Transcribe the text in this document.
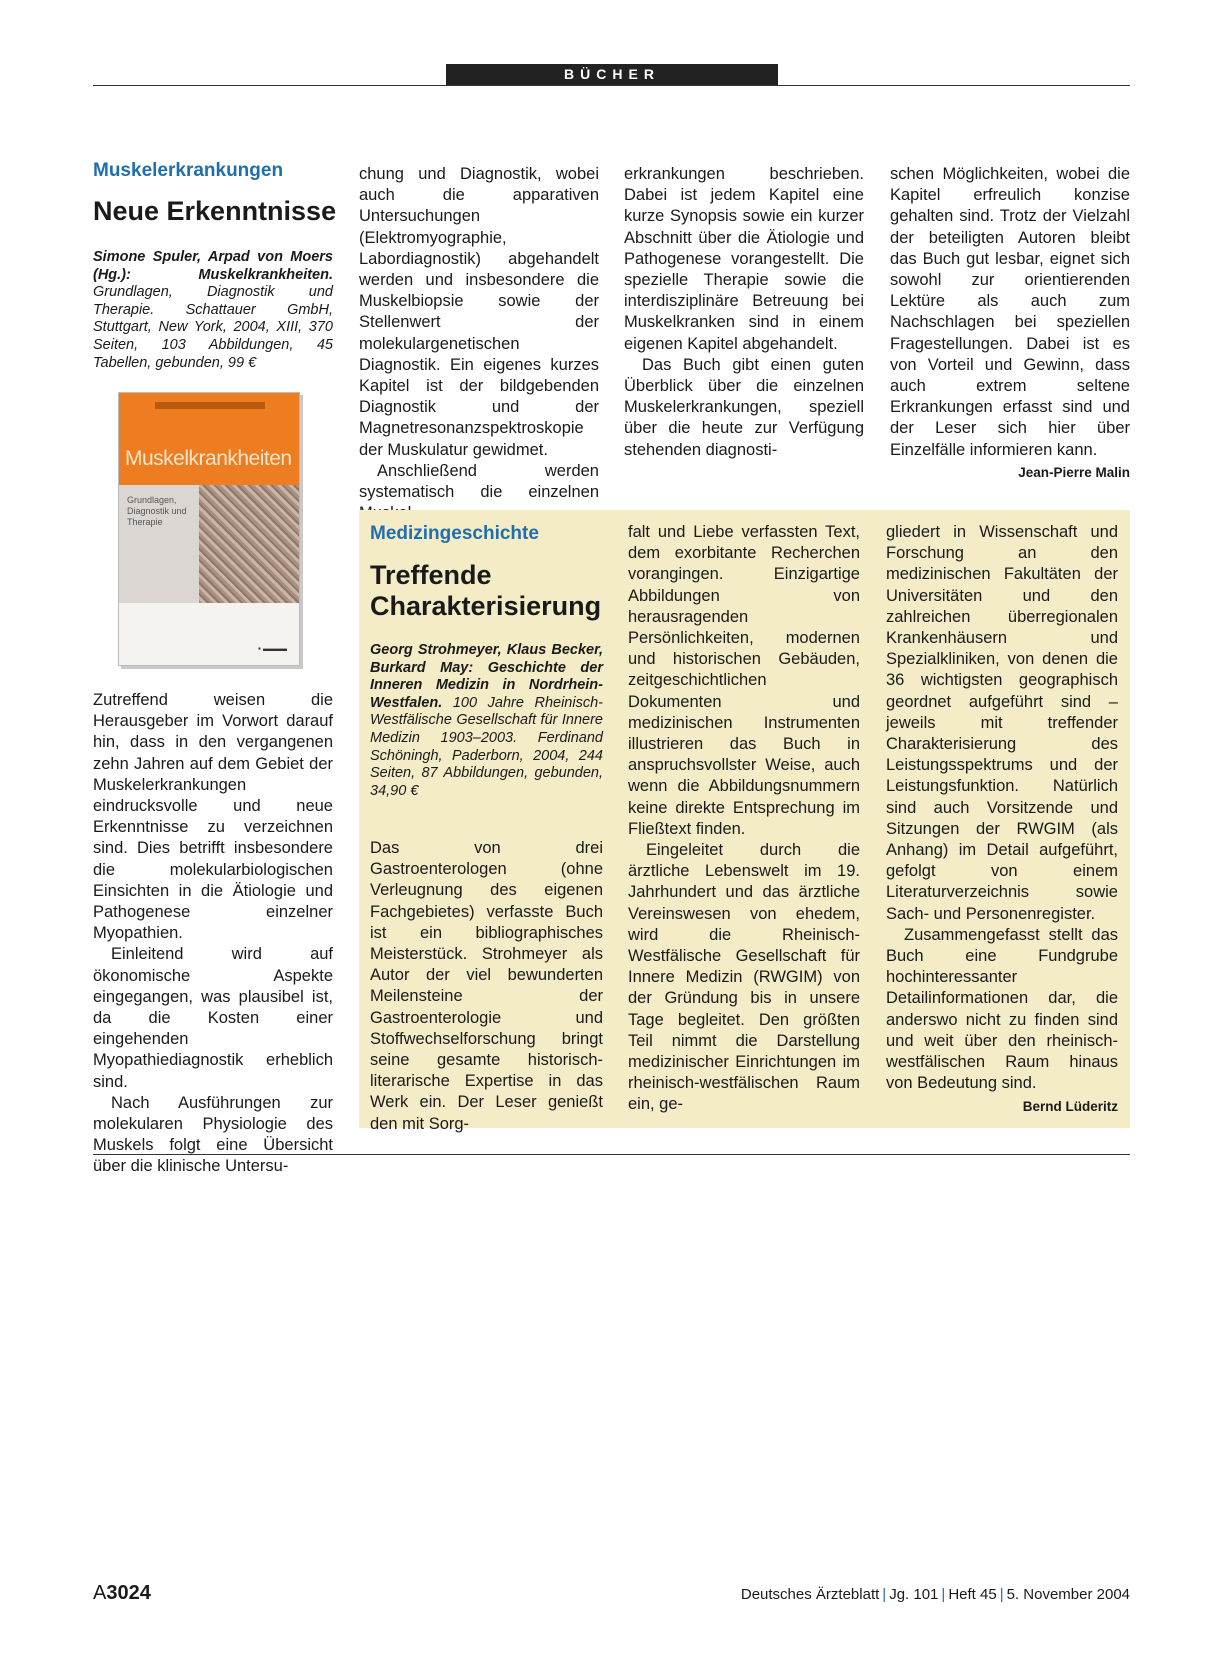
BÜCHER
Muskelerkrankungen
Neue Erkenntnisse
Simone Spuler, Arpad von Moers (Hg.): Muskelkrankheiten. Grundlagen, Diagnostik und Therapie. Schattauer GmbH, Stuttgart, New York, 2004, XIII, 370 Seiten, 103 Abbildungen, 45 Tabellen, gebunden, 99 €
Muskelkrankheiten
Grundlagen, Diagnostik und Therapie
▪ ▬▬▬

Zutreffend weisen die Herausgeber im Vorwort darauf hin, dass in den vergangenen zehn Jahren auf dem Gebiet der Muskelerkrankungen eindrucksvolle und neue Erkenntnisse zu verzeichnen sind. Dies betrifft insbesondere die molekularbiologischen Einsichten in die Ätiologie und Pathogenese einzelner Myopathien.

Einleitend wird auf ökonomische Aspekte eingegangen, was plausibel ist, da die Kosten einer eingehenden Myopathiediagnostik erheblich sind.

Nach Ausführungen zur molekularen Physiologie des Muskels folgt eine Übersicht über die klinische Untersu-

chung und Diagnostik, wobei auch die apparativen Untersuchungen (Elektromyographie, Labordiagnostik) abgehandelt werden und insbesondere die Muskelbiopsie sowie der Stellenwert der molekulargenetischen Diagnostik. Ein eigenes kurzes Kapitel ist der bildgebenden Diagnostik und der Magnetresonanzspektroskopie der Muskulatur gewidmet.

Anschließend werden systematisch die einzelnen

erkrankungen beschrieben. Dabei ist jedem Kapitel eine kurze Synopsis sowie ein kurzer Abschnitt über die Ätiologie und Pathogenese vorangestellt. Die spezielle Therapie sowie die interdisziplinäre Betreuung bei Muskelkranken sind in einem eigenen Kapitel abgehandelt.

Das Buch gibt einen guten Überblick über die einzelnen Muskelerkrankungen, speziell über die heute zur Verfügung stehenden diagnosti-

schen Möglichkeiten, wobei die Kapitel erfreulich konzise gehalten sind. Trotz der Vielzahl der beteiligten Autoren bleibt das Buch gut lesbar, eignet sich sowohl zur orientierenden Lektüre als auch zum Nachschlagen bei speziellen Fragestellungen. Dabei ist es von Vorteil und Gewinn, dass auch extrem seltene Erkrankungen erfasst sind und der Leser sich hier über Einzelfälle informieren kann.

Jean-Pierre Malin
Medizingeschichte
Treffende
Charakterisierung
Georg Strohmeyer, Klaus Becker, Burkard May: Geschichte der Inneren Medizin in Nordrhein-Westfalen. 100 Jahre Rheinisch-Westfälische Gesellschaft für Innere Medizin 1903–2003. Ferdinand Schöningh, Paderborn, 2004, 244 Seiten, 87 Abbildungen, gebunden, 34,90 €

Das von drei Gastroenterologen (ohne Verleugnung des eigenen Fachgebietes) verfasste Buch ist ein bibliographisches Meisterstück. Strohmeyer als Autor der viel bewunderten Meilensteine der Gastroenterologie und Stoffwechselforschung bringt seine gesamte historisch-literarische Expertise in das Werk ein. Der Leser genießt den mit Sorg-

falt und Liebe verfassten Text, dem exorbitante Recherchen vorangingen. Einzigartige Abbildungen von herausragenden Persönlichkeiten, modernen und historischen Gebäuden, zeitgeschichtlichen Dokumenten und medizinischen Instrumenten illustrieren das Buch in anspruchsvollster Weise, auch wenn die Abbildungsnummern keine direkte Entsprechung im Fließtext finden.

Eingeleitet durch die ärztliche Lebenswelt im 19. Jahrhundert und das ärztliche Vereinswesen von ehedem, wird die Rheinisch-Westfälische Gesellschaft für Innere Medizin (RWGIM) von der Gründung bis in unsere Tage begleitet. Den größten Teil nimmt die Darstellung medizinischer Einrichtungen im rheinisch-westfälischen Raum ein, ge-

gliedert in Wissenschaft und Forschung an den medizinischen Fakultäten der Universitäten und den zahlreichen überregionalen Krankenhäusern und Spezialkliniken, von denen die 36 wichtigsten geographisch geordnet aufgeführt sind – jeweils mit treffender Charakterisierung des Leistungsspektrums und der Leistungsfunktion. Natürlich sind auch Vorsitzende und Sitzungen der RWGIM (als Anhang) im Detail aufgeführt, gefolgt von einem Literaturverzeichnis sowie Sach- und Personenregister.

Zusammengefasst stellt das Buch eine Fundgrube hochinteressanter Detailinformationen dar, die anderswo nicht zu finden sind und weit über den rheinisch-westfälischen Raum hinaus von Bedeutung sind.

Bernd Lüderitz
A3024	Deutsches Ärzteblatt | Jg. 101 | Heft 45 | 5. November 2004
